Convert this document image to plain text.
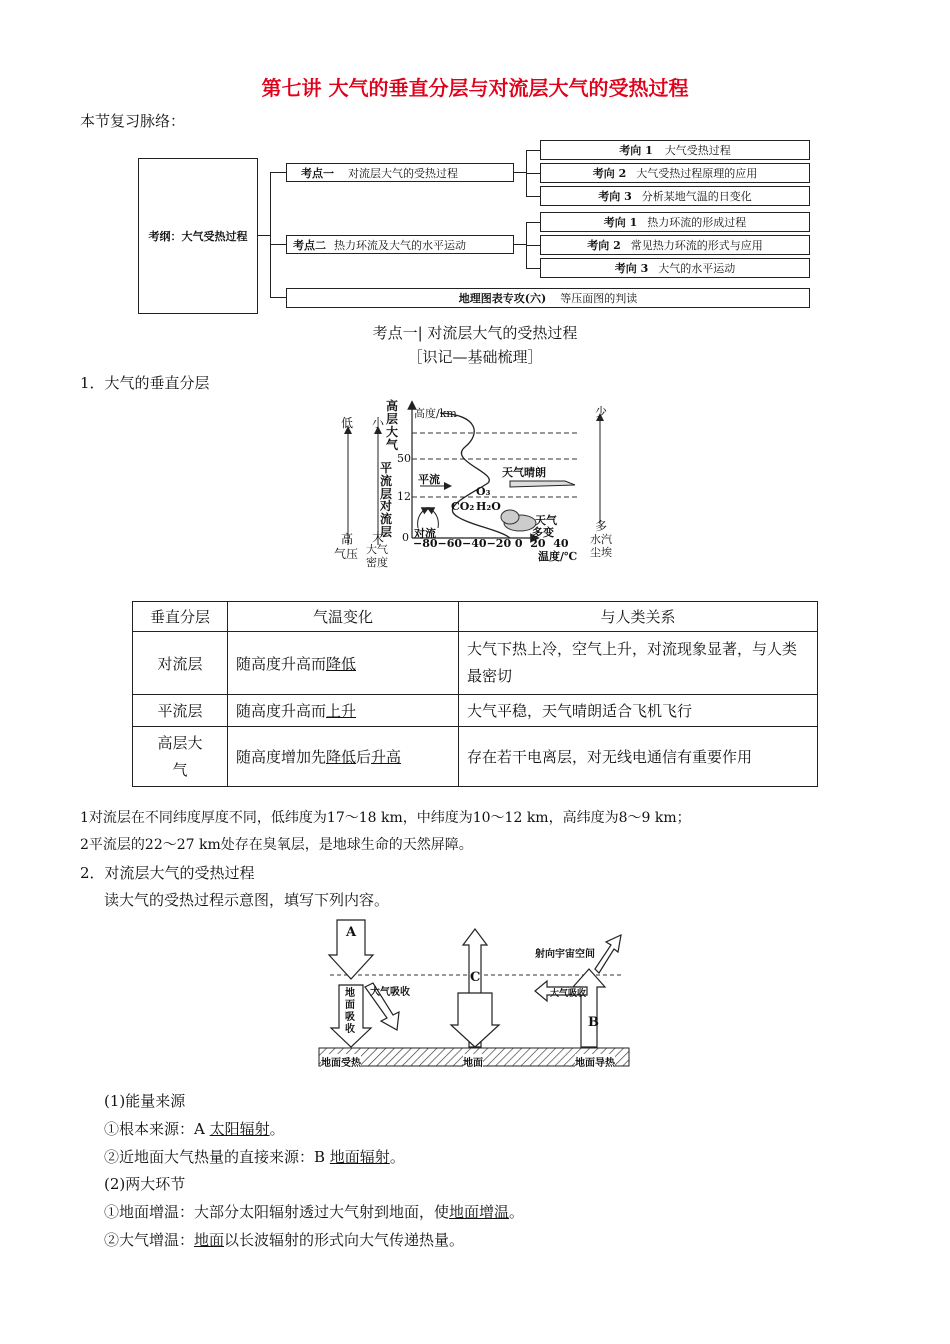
第七讲 大气的垂直分层与对流层大气的受热过程
本节复习脉络：
考纲：大气受热过程
考点一 对流层大气的受热过程
考点二 热力环流及大气的水平运动
考向 1 大气受热过程
考向 2 大气受热过程原理的应用
考向 3 分析某地气温的日变化
考向 1 热力环流的形成过程
考向 2 常见热力环流的形式与应用
考向 3 大气的水平运动
地理图表专攻(六) 等压面图的判读
考点一| 对流层大气的受热过程
［识记—基础梳理］
1．大气的垂直分层
低
高
气压
小
大
大气
密度
高层大气
平流层
对流层
高度/km
50
12
0 −80−60−40−20 0  20  40
温度/℃
平流
对流
O₃
CO₂ H₂O
天气晴朗
天气
多变
少
多
水汽
尘埃
垂直分层	气温变化	与人类关系
对流层	随高度升高而降低	大气下热上冷，空气上升，对流现象显著，与人类最密切
平流层	随高度升高而上升	大气平稳，天气晴朗适合飞机飞行
高层大气	随高度增加先降低后升高	存在若干电离层，对无线电通信有重要作用
1对流层在不同纬度厚度不同，低纬度为17～18 km，中纬度为10～12 km，高纬度为8～9 km；
2平流层的22～27 km处存在臭氧层，是地球生命的天然屏障。
2．对流层大气的受热过程
读大气的受热过程示意图，填写下列内容。
A
C
B
地面吸收
大气吸收	大气吸收
射向宇宙空间
地面受热	地面	地面导热
(1)能量来源
①根本来源：A 太阳辐射。
②近地面大气热量的直接来源：B 地面辐射。
(2)两大环节
①地面增温：大部分太阳辐射透过大气射到地面，使地面增温。
②大气增温：地面以长波辐射的形式向大气传递热量。
